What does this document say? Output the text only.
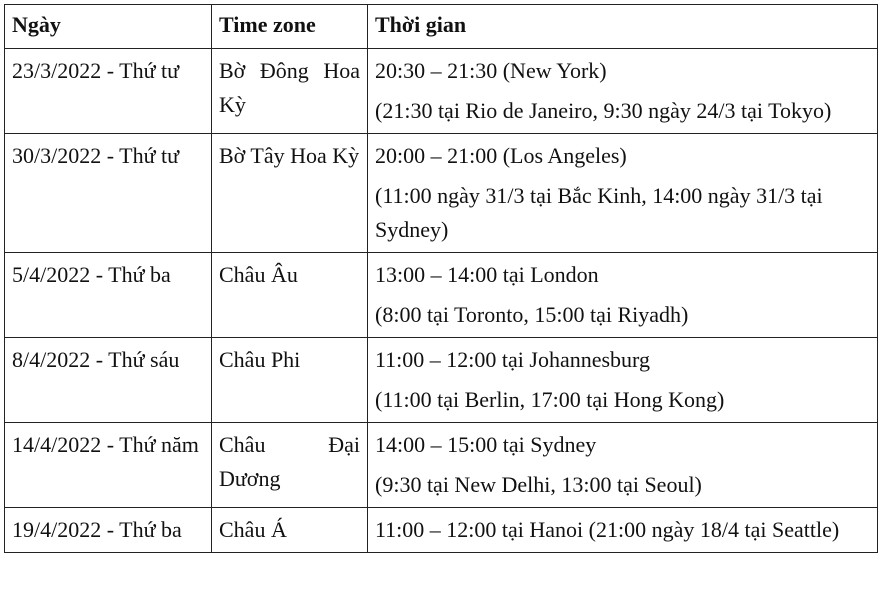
Ngày	Time zone	Thời gian
23/3/2022 - Thứ tư	Bờ Đông Hoa Kỳ	20:30 – 21:30 (New York)
(21:30 tại Rio de Janeiro, 9:30 ngày 24/3 tại Tokyo)

30/3/2022 - Thứ tư	Bờ Tây Hoa Kỳ	20:00 – 21:00 (Los Angeles)
(11:00 ngày 31/3 tại Bắc Kinh, 14:00 ngày 31/3 tại Sydney)

5/4/2022 - Thứ ba	Châu Âu	13:00 – 14:00 tại London
(8:00 tại Toronto, 15:00 tại Riyadh)

8/4/2022 - Thứ sáu	Châu Phi	11:00 – 12:00 tại Johannesburg
(11:00 tại Berlin, 17:00 tại Hong Kong)

14/4/2022 - Thứ năm	Châu Đại Dương	14:00 – 15:00 tại Sydney
(9:30 tại New Delhi, 13:00 tại Seoul)

19/4/2022 - Thứ ba	Châu Á	11:00 – 12:00 tại Hanoi (21:00 ngày 18/4 tại Seattle)
